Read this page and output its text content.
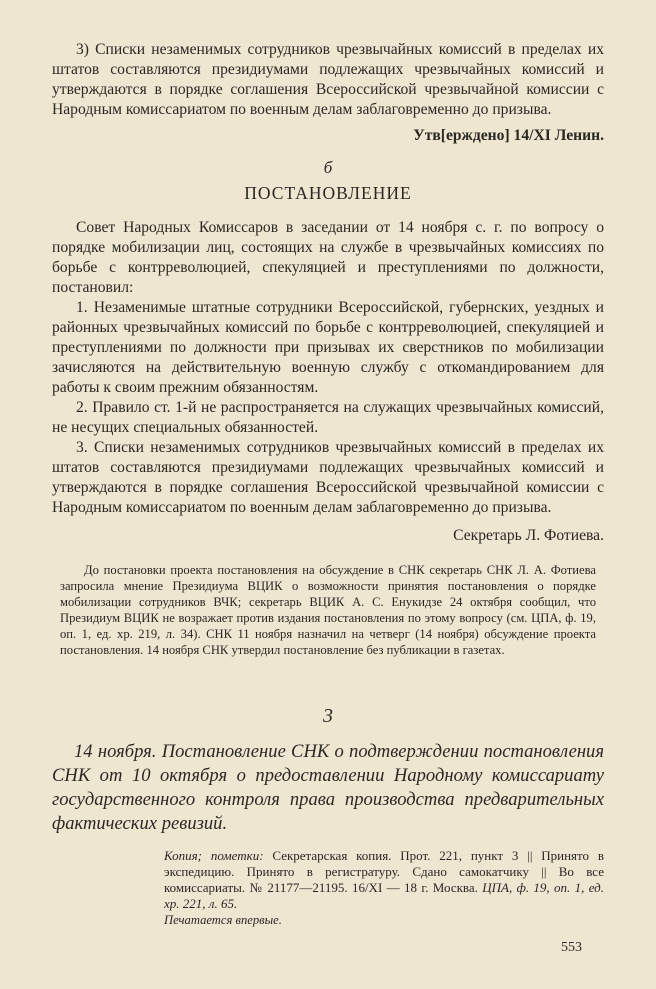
3) Списки незаменимых сотрудников чрезвычайных комиссий в пределах их штатов составляются президиумами подлежащих чрезвычайных комиссий и утверждаются в порядке соглашения Всероссийской чрезвычайной комиссии с Народным комиссариатом по военным делам заблаговременно до призыва.

Утв[ерждено] 14/XI Ленин.

б

ПОСТАНОВЛЕНИЕ

Совет Народных Комиссаров в заседании от 14 ноября с. г. по вопросу о порядке мобилизации лиц, состоящих на службе в чрезвычайных комиссиях по борьбе с контрреволюцией, спекуляцией и преступлениями по должности, постановил:

1. Незаменимые штатные сотрудники Всероссийской, губернских, уездных и районных чрезвычайных комиссий по борьбе с контрреволюцией, спекуляцией и преступлениями по должности при призывах их сверстников по мобилизации зачисляются на действительную военную службу с откомандированием для работы к своим прежним обязанностям.

2. Правило ст. 1-й не распространяется на служащих чрезвычайных комиссий, не несущих специальных обязанностей.

3. Списки незаменимых сотрудников чрезвычайных комиссий в пределах их штатов составляются президиумами подлежащих чрезвычайных комиссий и утверждаются в порядке соглашения Всероссийской чрезвычайной комиссии с Народным комиссариатом по военным делам заблаговременно до призыва.

Секретарь Л. Фотиева.

До постановки проекта постановления на обсуждение в СНК секретарь СНК Л. А. Фотиева запросила мнение Президиума ВЦИК о возможности принятия постановления о порядке мобилизации сотрудников ВЧК; секретарь ВЦИК А. С. Енукидзе 24 октября сообщил, что Президиум ВЦИК не возражает против издания постановления по этому вопросу (см. ЦПА, ф. 19, оп. 1, ед. хр. 219, л. 34). СНК 11 ноября назначил на четверг (14 ноября) обсуждение проекта постановления. 14 ноября СНК утвердил постановление без публикации в газетах.

3

14 ноября. Постановление СНК о подтверждении постановления СНК от 10 октября о предоставлении Народному комиссариату государственного контроля права производства предварительных фактических ревизий.

Копия; пометки: Секретарская копия. Прот. 221, пункт 3 || Принято в экспедицию. Принято в регистратуру. Сдано самокатчику || Во все комиссариаты. № 21177—21195. 16/XI — 18 г. Москва. ЦПА, ф. 19, оп. 1, ед. хр. 221, л. 65.

Печатается впервые.

553
